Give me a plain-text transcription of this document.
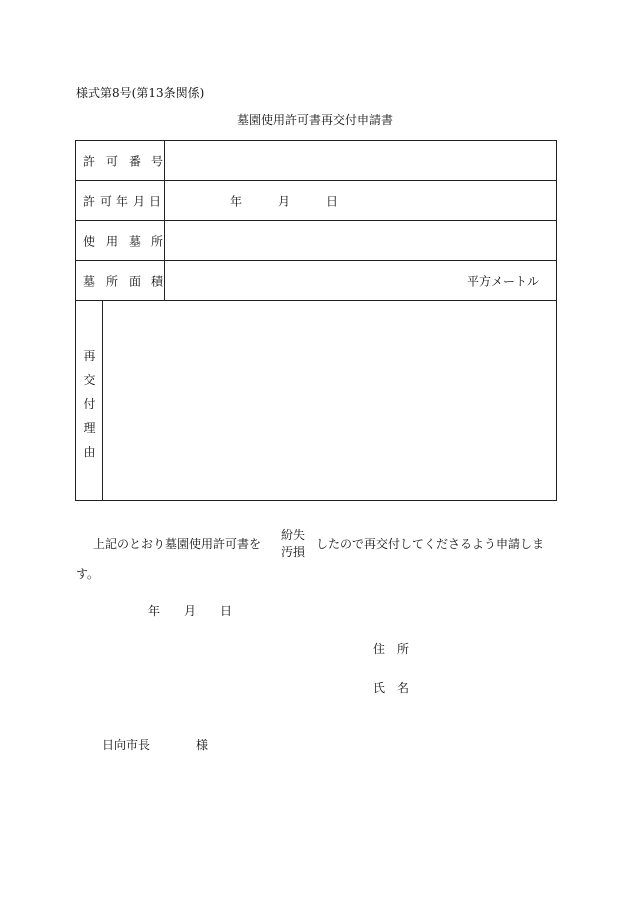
様式第8号(第13条関係)
墓園使用許可書再交付申請書
許 可 番 号
許 可 年 月 日	年	月	日
使 用 墓 所
墓 所 面 積	平方メートル
再
交
付
理
由
上記のとおり墓園使用許可書を
紛失
汚損
したので再交付してくださるよう申請しま
す。
年 月 日
住 所
氏 名
日向市長	様
